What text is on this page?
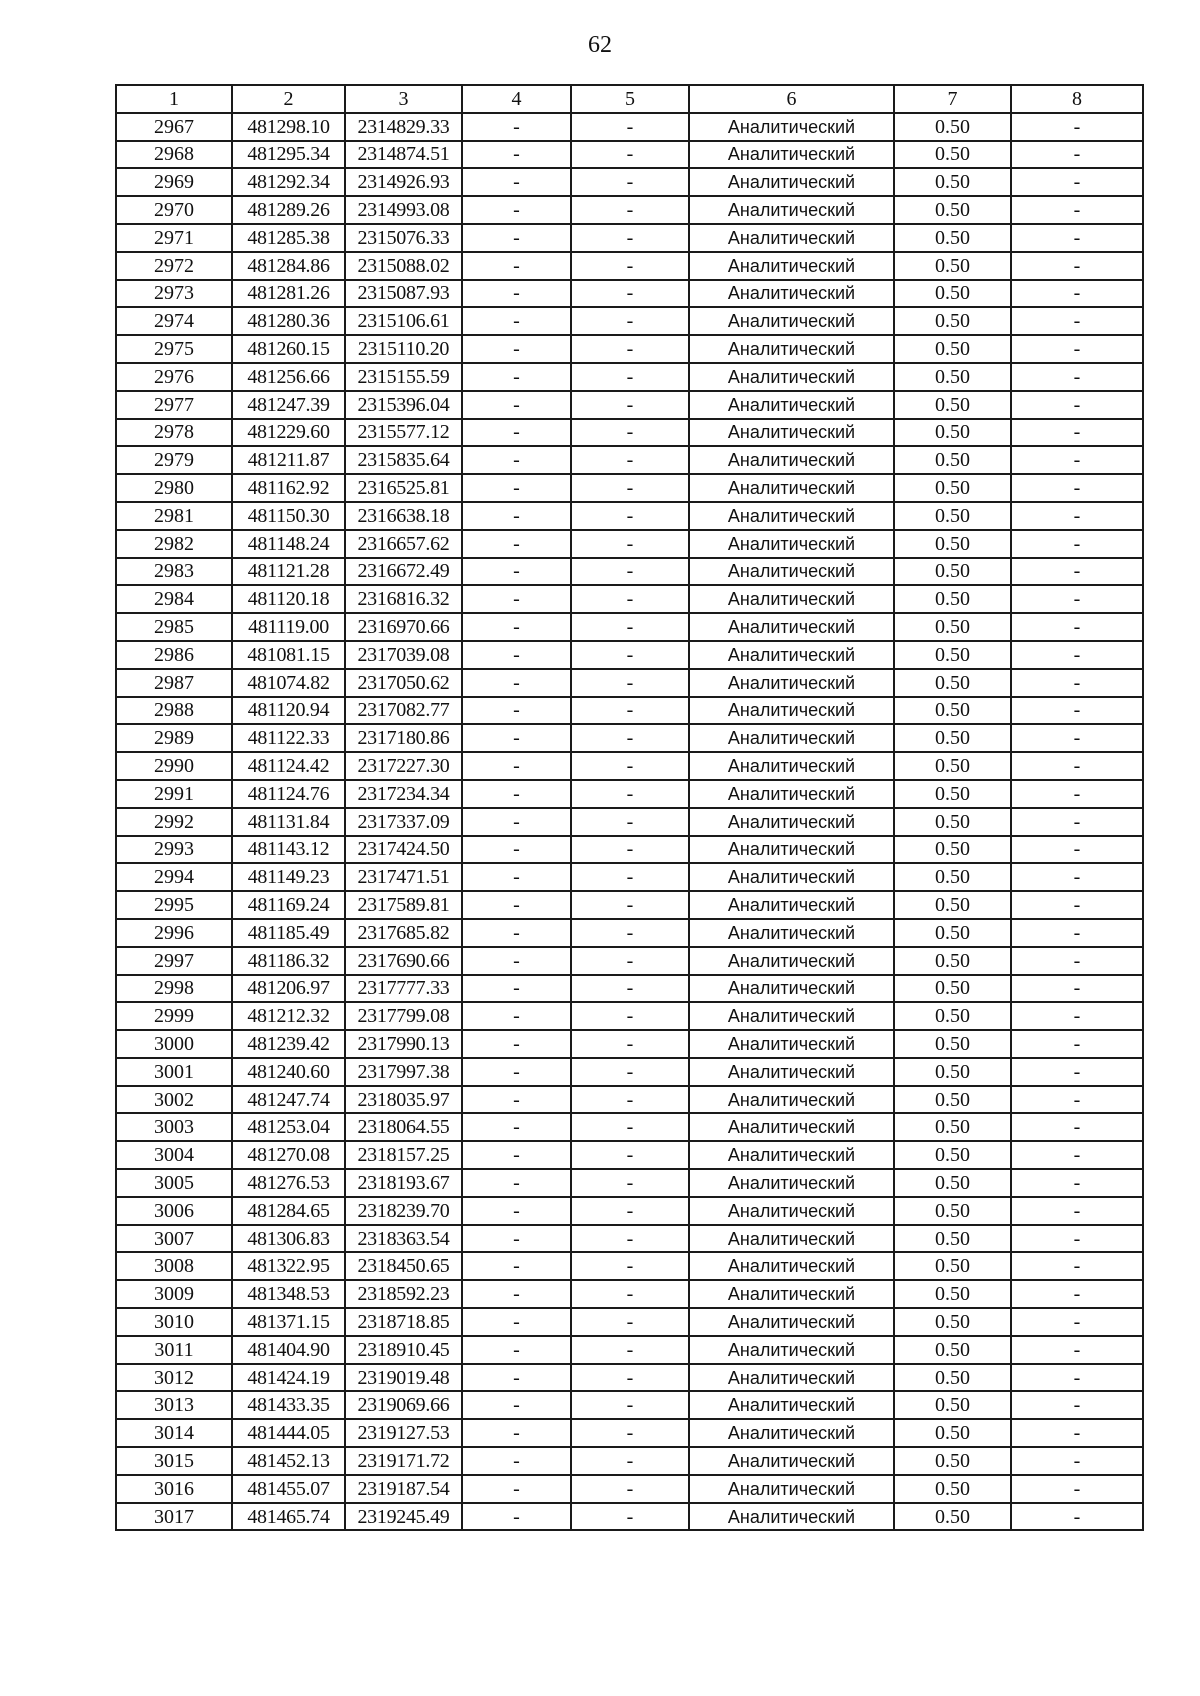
62
1	2	3	4	5	6	7	8
2967	481298.10	2314829.33	-	-	Аналитический	0.50	-
2968	481295.34	2314874.51	-	-	Аналитический	0.50	-
2969	481292.34	2314926.93	-	-	Аналитический	0.50	-
2970	481289.26	2314993.08	-	-	Аналитический	0.50	-
2971	481285.38	2315076.33	-	-	Аналитический	0.50	-
2972	481284.86	2315088.02	-	-	Аналитический	0.50	-
2973	481281.26	2315087.93	-	-	Аналитический	0.50	-
2974	481280.36	2315106.61	-	-	Аналитический	0.50	-
2975	481260.15	2315110.20	-	-	Аналитический	0.50	-
2976	481256.66	2315155.59	-	-	Аналитический	0.50	-
2977	481247.39	2315396.04	-	-	Аналитический	0.50	-
2978	481229.60	2315577.12	-	-	Аналитический	0.50	-
2979	481211.87	2315835.64	-	-	Аналитический	0.50	-
2980	481162.92	2316525.81	-	-	Аналитический	0.50	-
2981	481150.30	2316638.18	-	-	Аналитический	0.50	-
2982	481148.24	2316657.62	-	-	Аналитический	0.50	-
2983	481121.28	2316672.49	-	-	Аналитический	0.50	-
2984	481120.18	2316816.32	-	-	Аналитический	0.50	-
2985	481119.00	2316970.66	-	-	Аналитический	0.50	-
2986	481081.15	2317039.08	-	-	Аналитический	0.50	-
2987	481074.82	2317050.62	-	-	Аналитический	0.50	-
2988	481120.94	2317082.77	-	-	Аналитический	0.50	-
2989	481122.33	2317180.86	-	-	Аналитический	0.50	-
2990	481124.42	2317227.30	-	-	Аналитический	0.50	-
2991	481124.76	2317234.34	-	-	Аналитический	0.50	-
2992	481131.84	2317337.09	-	-	Аналитический	0.50	-
2993	481143.12	2317424.50	-	-	Аналитический	0.50	-
2994	481149.23	2317471.51	-	-	Аналитический	0.50	-
2995	481169.24	2317589.81	-	-	Аналитический	0.50	-
2996	481185.49	2317685.82	-	-	Аналитический	0.50	-
2997	481186.32	2317690.66	-	-	Аналитический	0.50	-
2998	481206.97	2317777.33	-	-	Аналитический	0.50	-
2999	481212.32	2317799.08	-	-	Аналитический	0.50	-
3000	481239.42	2317990.13	-	-	Аналитический	0.50	-
3001	481240.60	2317997.38	-	-	Аналитический	0.50	-
3002	481247.74	2318035.97	-	-	Аналитический	0.50	-
3003	481253.04	2318064.55	-	-	Аналитический	0.50	-
3004	481270.08	2318157.25	-	-	Аналитический	0.50	-
3005	481276.53	2318193.67	-	-	Аналитический	0.50	-
3006	481284.65	2318239.70	-	-	Аналитический	0.50	-
3007	481306.83	2318363.54	-	-	Аналитический	0.50	-
3008	481322.95	2318450.65	-	-	Аналитический	0.50	-
3009	481348.53	2318592.23	-	-	Аналитический	0.50	-
3010	481371.15	2318718.85	-	-	Аналитический	0.50	-
3011	481404.90	2318910.45	-	-	Аналитический	0.50	-
3012	481424.19	2319019.48	-	-	Аналитический	0.50	-
3013	481433.35	2319069.66	-	-	Аналитический	0.50	-
3014	481444.05	2319127.53	-	-	Аналитический	0.50	-
3015	481452.13	2319171.72	-	-	Аналитический	0.50	-
3016	481455.07	2319187.54	-	-	Аналитический	0.50	-
3017	481465.74	2319245.49	-	-	Аналитический	0.50	-
